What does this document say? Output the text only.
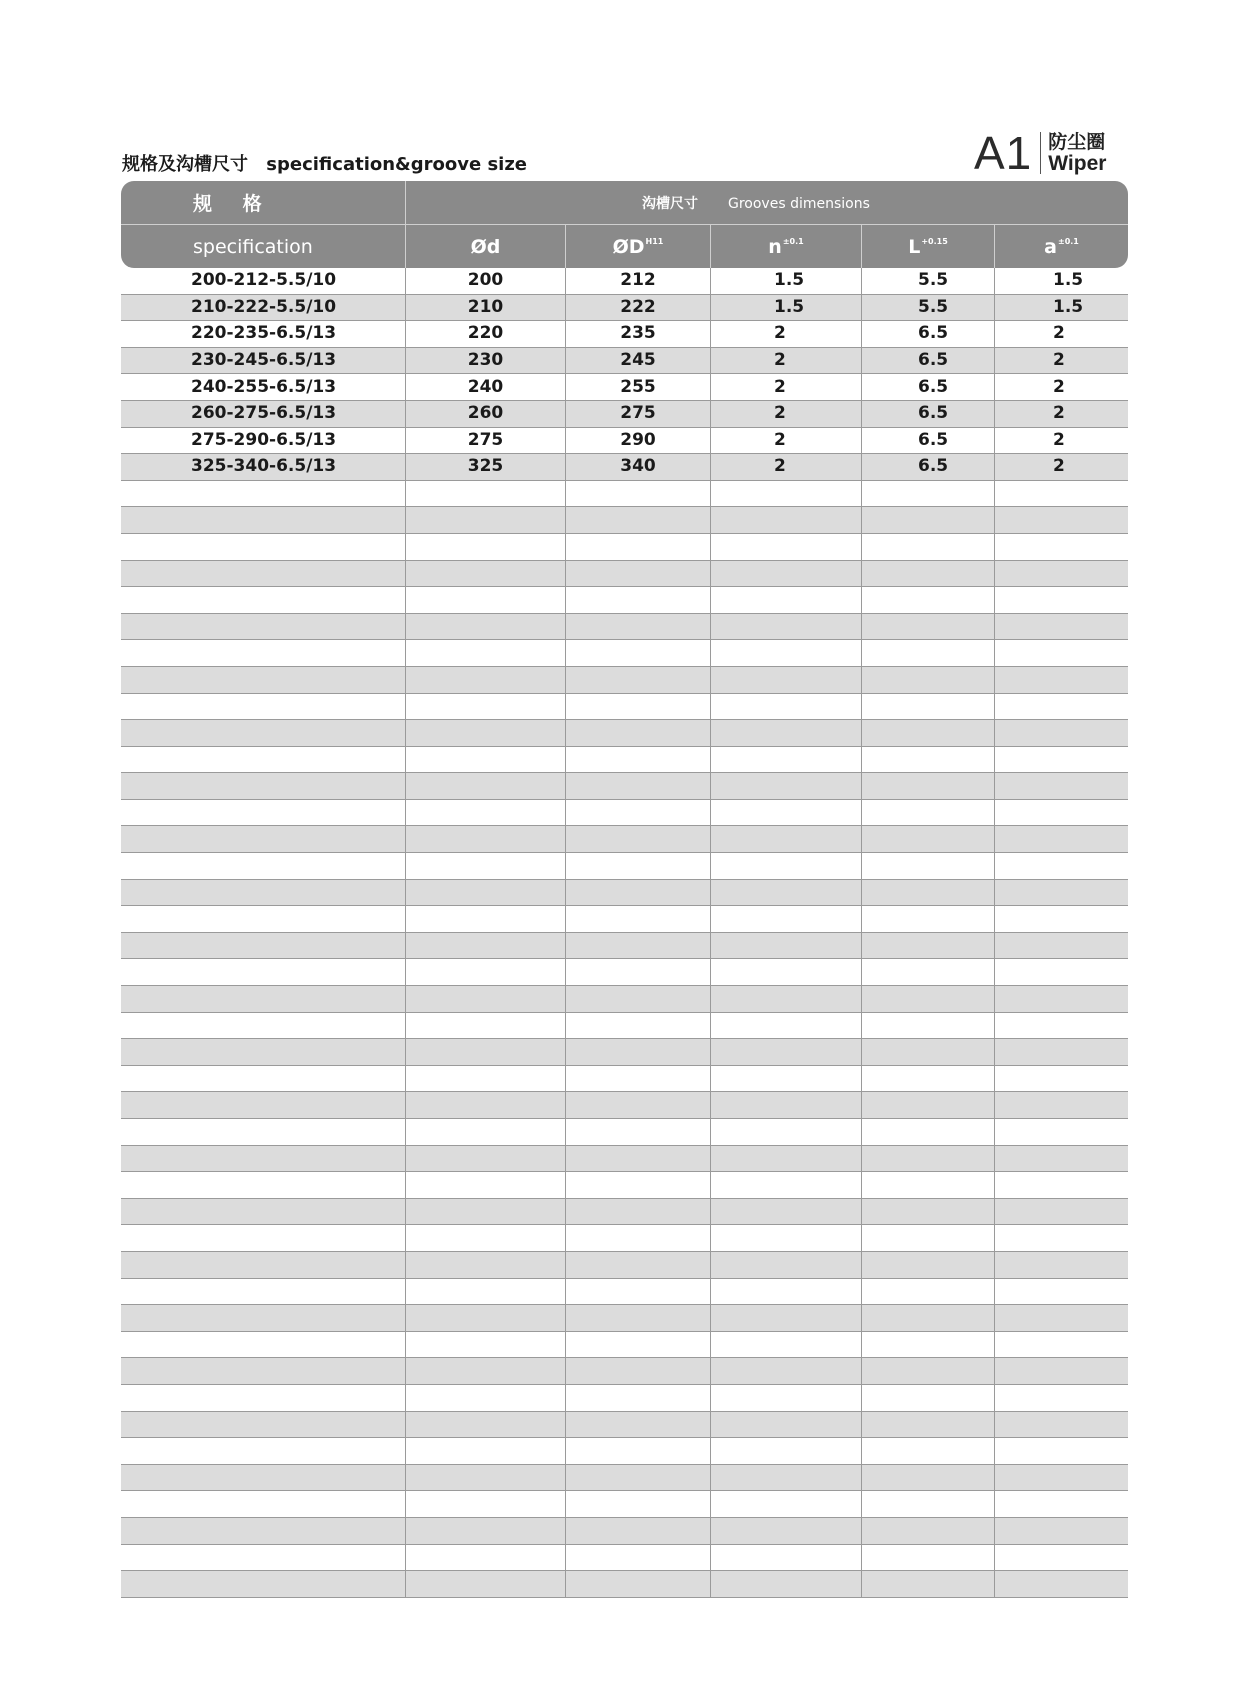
规格及沟槽尺寸 specification&groove size	A1 防尘圈
Wiper
规 格	沟槽尺寸 Grooves dimensions				

specification	Ød	$ØD^{H11}$	$n^{\pm 0.1}$	$L^{+0.15}$	$a^{\pm 0.1}$
200-212-5.5/10	200	212	1.5	5.5	1.5
210-222-5.5/10	210	222	1.5	5.5	1.5
220-235-6.5/13	220	235	2	6.5	2
230-245-6.5/13	230	245	2	6.5	2
240-255-6.5/13	240	255	2	6.5	2
260-275-6.5/13	260	275	2	6.5	2
275-290-6.5/13	275	290	2	6.5	2
325-340-6.5/13	325	340	2	6.5	2
